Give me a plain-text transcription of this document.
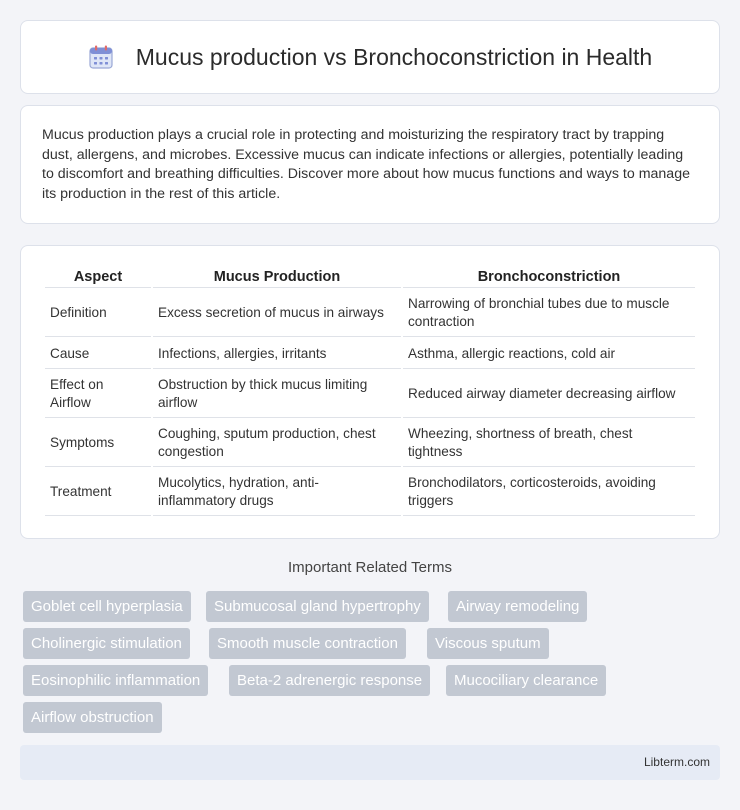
Mucus production vs Bronchoconstriction in Health

Mucus production plays a crucial role in protecting and moisturizing the respiratory tract by trapping dust, allergens, and microbes. Excessive mucus can indicate infections or allergies, potentially leading to discomfort and breathing difficulties. Discover more about how mucus functions and ways to manage its production in the rest of this article.

Aspect	Mucus Production	Bronchoconstriction
Definition	Excess secretion of mucus in airways	Narrowing of bronchial tubes due to muscle contraction
Cause	Infections, allergies, irritants	Asthma, allergic reactions, cold air
Effect on Airflow	Obstruction by thick mucus limiting airflow	Reduced airway diameter decreasing airflow
Symptoms	Coughing, sputum production, chest congestion	Wheezing, shortness of breath, chest tightness
Treatment	Mucolytics, hydration, anti-inflammatory drugs	Bronchodilators, corticosteroids, avoiding triggers
Important Related Terms
Goblet cell hyperplasia	Submucosal gland hypertrophy	Airway remodeling
Cholinergic stimulation	Smooth muscle contraction	Viscous sputum
Eosinophilic inflammation	Beta-2 adrenergic response	Mucociliary clearance
Airflow obstruction
Libterm.com
